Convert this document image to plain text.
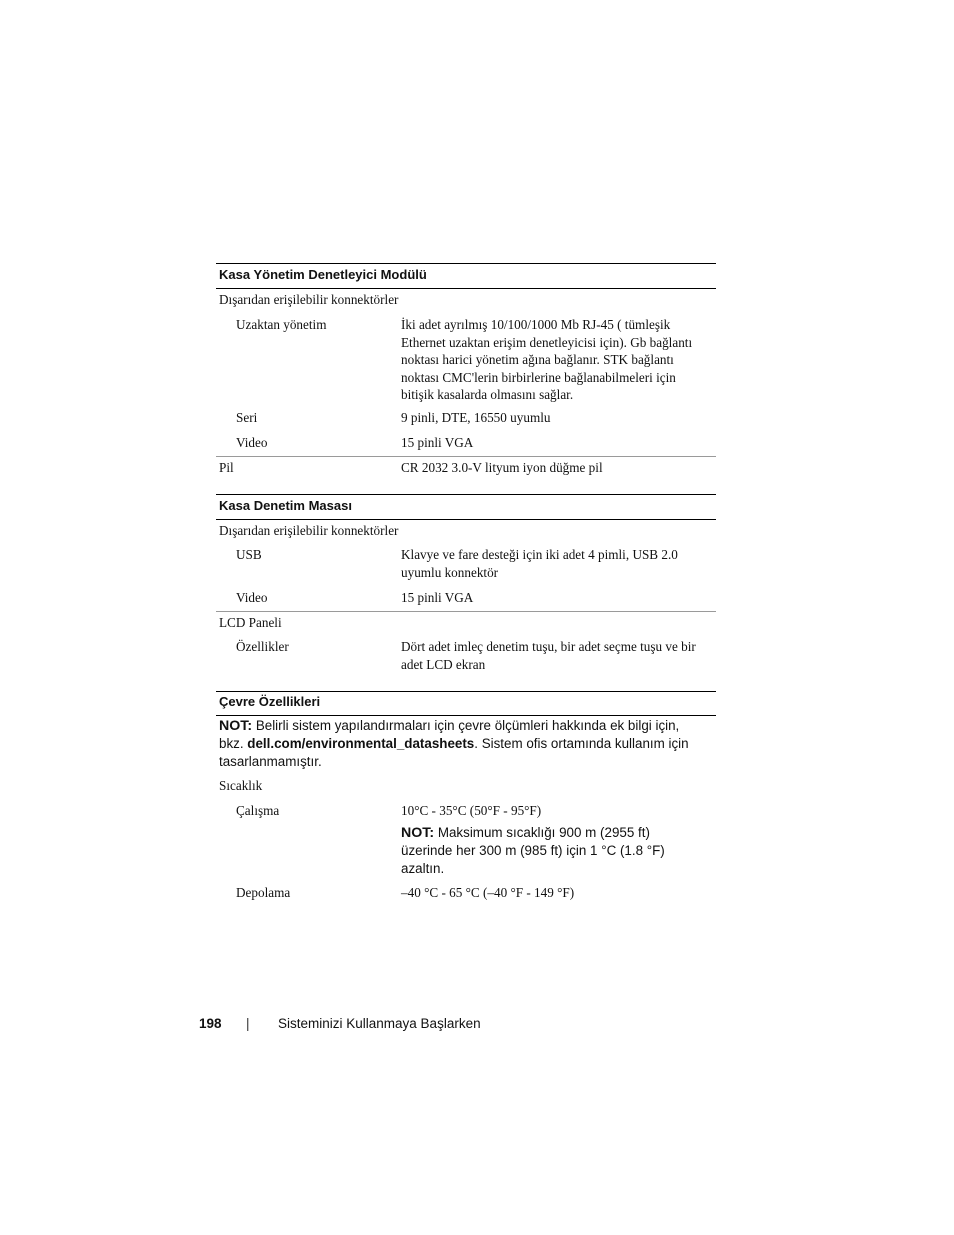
Kasa Yönetim Denetleyici Modülü
Dışarıdan erişilebilir konnektörler
Uzaktan yönetim	İki adet ayrılmış 10/100/1000 Mb RJ-45 ( tümleşik
Ethernet uzaktan erişim denetleyicisi için). Gb bağlantı
noktası harici yönetim ağına bağlanır. STK bağlantı
noktası CMC'lerin birbirlerine bağlanabilmeleri için
bitişik kasalarda olmasını sağlar.
Seri	9 pinli, DTE, 16550 uyumlu
Video	15 pinli VGA
Pil	CR 2032 3.0-V lityum iyon düğme pil
Kasa Denetim Masası
Dışarıdan erişilebilir konnektörler
USB	Klavye ve fare desteği için iki adet 4 pimli, USB 2.0
uyumlu konnektör
Video	15 pinli VGA
LCD Paneli
Özellikler	Dört adet imleç denetim tuşu, bir adet seçme tuşu ve bir
adet LCD ekran
Çevre Özellikleri
NOT: Belirli sistem yapılandırmaları için çevre ölçümleri hakkında ek bilgi için,
bkz. dell.com/environmental_datasheets. Sistem ofis ortamında kullanım için
tasarlanmamıştır.
Sıcaklık
Çalışma	10°C - 35°C (50°F - 95°F)
NOT: Maksimum sıcaklığı 900 m (2955 ft)
üzerinde her 300 m (985 ft) için 1 °C (1.8 °F)
azaltın.
Depolama	–40 °C - 65 °C (–40 °F - 149 °F)
198 | Sisteminizi Kullanmaya Başlarken
